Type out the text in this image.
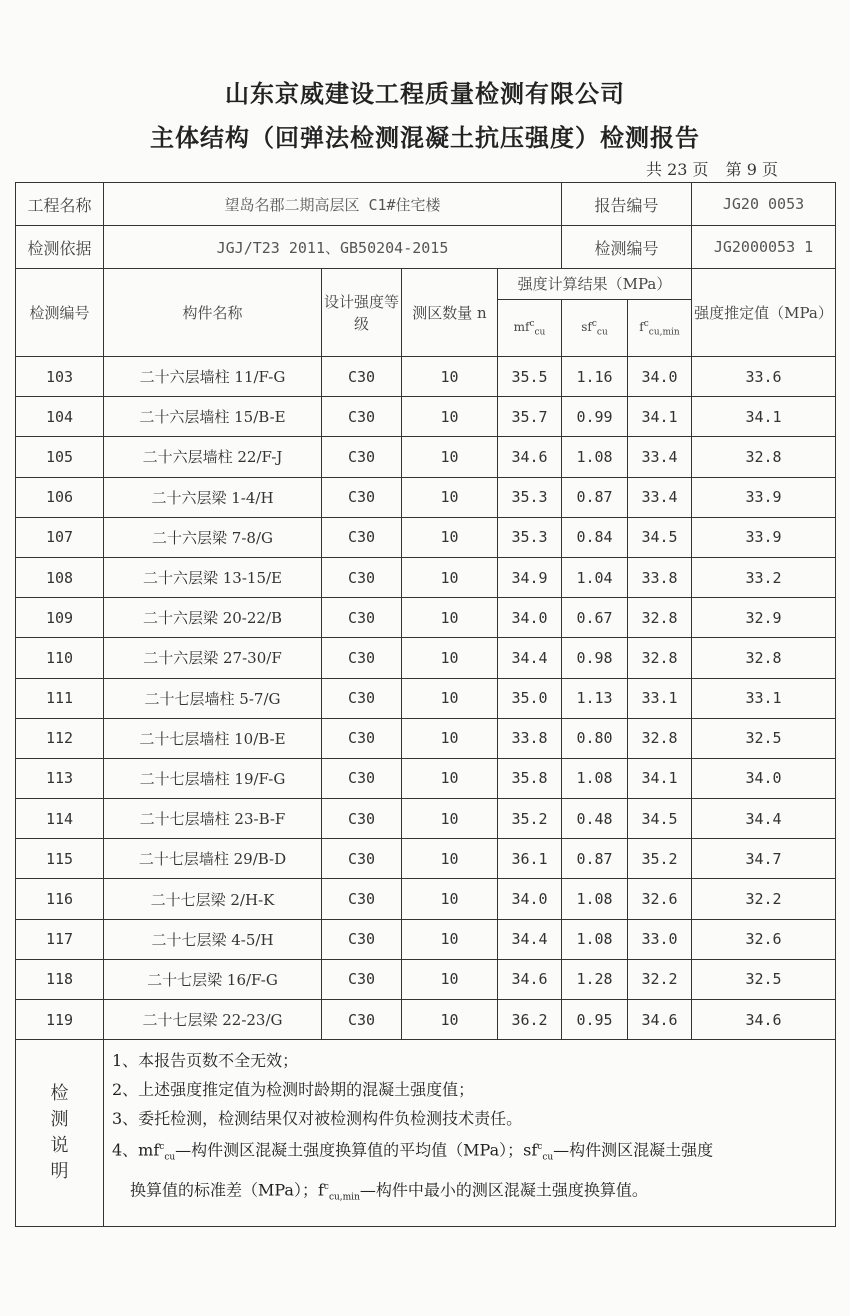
山东京威建设工程质量检测有限公司
主体结构（回弹法检测混凝土抗压强度）检测报告
共 23 页 第 9 页
工程名称	望岛名郡二期高层区 C1#住宅楼				报告编号		JG20 0053
检测依据	JGJ/T23 2011、GB50204-2015				检测编号		JG2000053 1
检测编号	构件名称	设计强度等级	测区数量 n	强度计算结果（MPa）			强度推定值（MPa）
				$mf^c_{cu}$	$sf^c_{cu}$	$f^c_{cu,min}$
103	二十六层墙柱 11/F-G	C30	10	35.5	1.16	34.0	33.6
104	二十六层墙柱 15/B-E	C30	10	35.7	0.99	34.1	34.1
105	二十六层墙柱 22/F-J	C30	10	34.6	1.08	33.4	32.8
106	二十六层梁 1-4/H	C30	10	35.3	0.87	33.4	33.9
107	二十六层梁 7-8/G	C30	10	35.3	0.84	34.5	33.9
108	二十六层梁 13-15/E	C30	10	34.9	1.04	33.8	33.2
109	二十六层梁 20-22/B	C30	10	34.0	0.67	32.8	32.9
110	二十六层梁 27-30/F	C30	10	34.4	0.98	32.8	32.8
111	二十七层墙柱 5-7/G	C30	10	35.0	1.13	33.1	33.1
112	二十七层墙柱 10/B-E	C30	10	33.8	0.80	32.8	32.5
113	二十七层墙柱 19/F-G	C30	10	35.8	1.08	34.1	34.0
114	二十七层墙柱 23-B-F	C30	10	35.2	0.48	34.5	34.4
115	二十七层墙柱 29/B-D	C30	10	36.1	0.87	35.2	34.7
116	二十七层梁 2/H-K	C30	10	34.0	1.08	32.6	32.2
117	二十七层梁 4-5/H	C30	10	34.4	1.08	33.0	32.6
118	二十七层梁 16/F-G	C30	10	34.6	1.28	32.2	32.5
119	二十七层梁 22-23/G	C30	10	36.2	0.95	34.6	34.6

检测说明	1、本报告页数不全无效；
2、上述强度推定值为检测时龄期的混凝土强度值；
3、委托检测，检测结果仅对被检测构件负检测技术责任。
4、$mf^c_{cu}—$构件测区混凝土强度换算值的平均值（MPa）；$sf^c_{cu}—$构件测区混凝土强度
换算值的标准差（MPa）；$f^c_{cu,min}—$构件中最小的测区混凝土强度换算值。						
